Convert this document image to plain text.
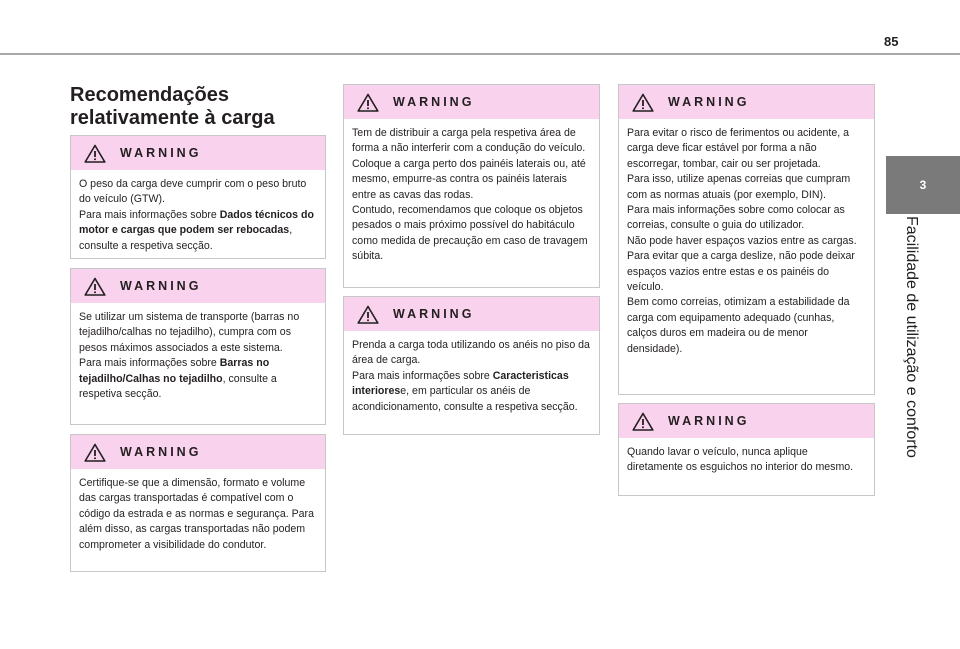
85
3
Facilidade de utilização e conforto
Recomendações relativamente à carga
WARNING

O peso da carga deve cumprir com o peso bruto do veículo (GTW).

Para mais informações sobre Dados técnicos do motor e cargas que podem ser rebocadas, consulte a respetiva secção.

WARNING

Se utilizar um sistema de transporte (barras no tejadilho/calhas no tejadilho), cumpra com os pesos máximos associados a este sistema.

Para mais informações sobre Barras no tejadilho/Calhas no tejadilho, consulte a respetiva secção.

WARNING

Certifique-se que a dimensão, formato e volume das cargas transportadas é compatível com o código da estrada e as normas e segurança. Para além disso, as cargas transportadas não podem comprometer a visibilidade do condutor.

WARNING

Tem de distribuir a carga pela respetiva área de forma a não interferir com a condução do veículo.

Coloque a carga perto dos painéis laterais ou, até mesmo, empurre-as contra os painéis laterais entre as cavas das rodas.

Contudo, recomendamos que coloque os objetos pesados o mais próximo possível do habitáculo como medida de precaução em caso de travagem súbita.

WARNING

Prenda a carga toda utilizando os anéis no piso da área de carga.

Para mais informações sobre Caracteristicas interiorese, em particular os anéis de acondicionamento, consulte a respetiva secção.

WARNING

Para evitar o risco de ferimentos ou acidente, a carga deve ficar estável por forma a não escorregar, tombar, cair ou ser projetada.

Para isso, utilize apenas correias que cumpram com as normas atuais (por exemplo, DIN).

Para mais informações sobre como colocar as correias, consulte o guia do utilizador.

Não pode haver espaços vazios entre as cargas.

Para evitar que a carga deslize, não pode deixar espaços vazios entre estas e os painéis do veículo.

Bem como correias, otimizam a estabilidade da carga com equipamento adequado (cunhas, calços duros em madeira ou de menor densidade).

WARNING

Quando lavar o veículo, nunca aplique diretamente os esguichos no interior do mesmo.
